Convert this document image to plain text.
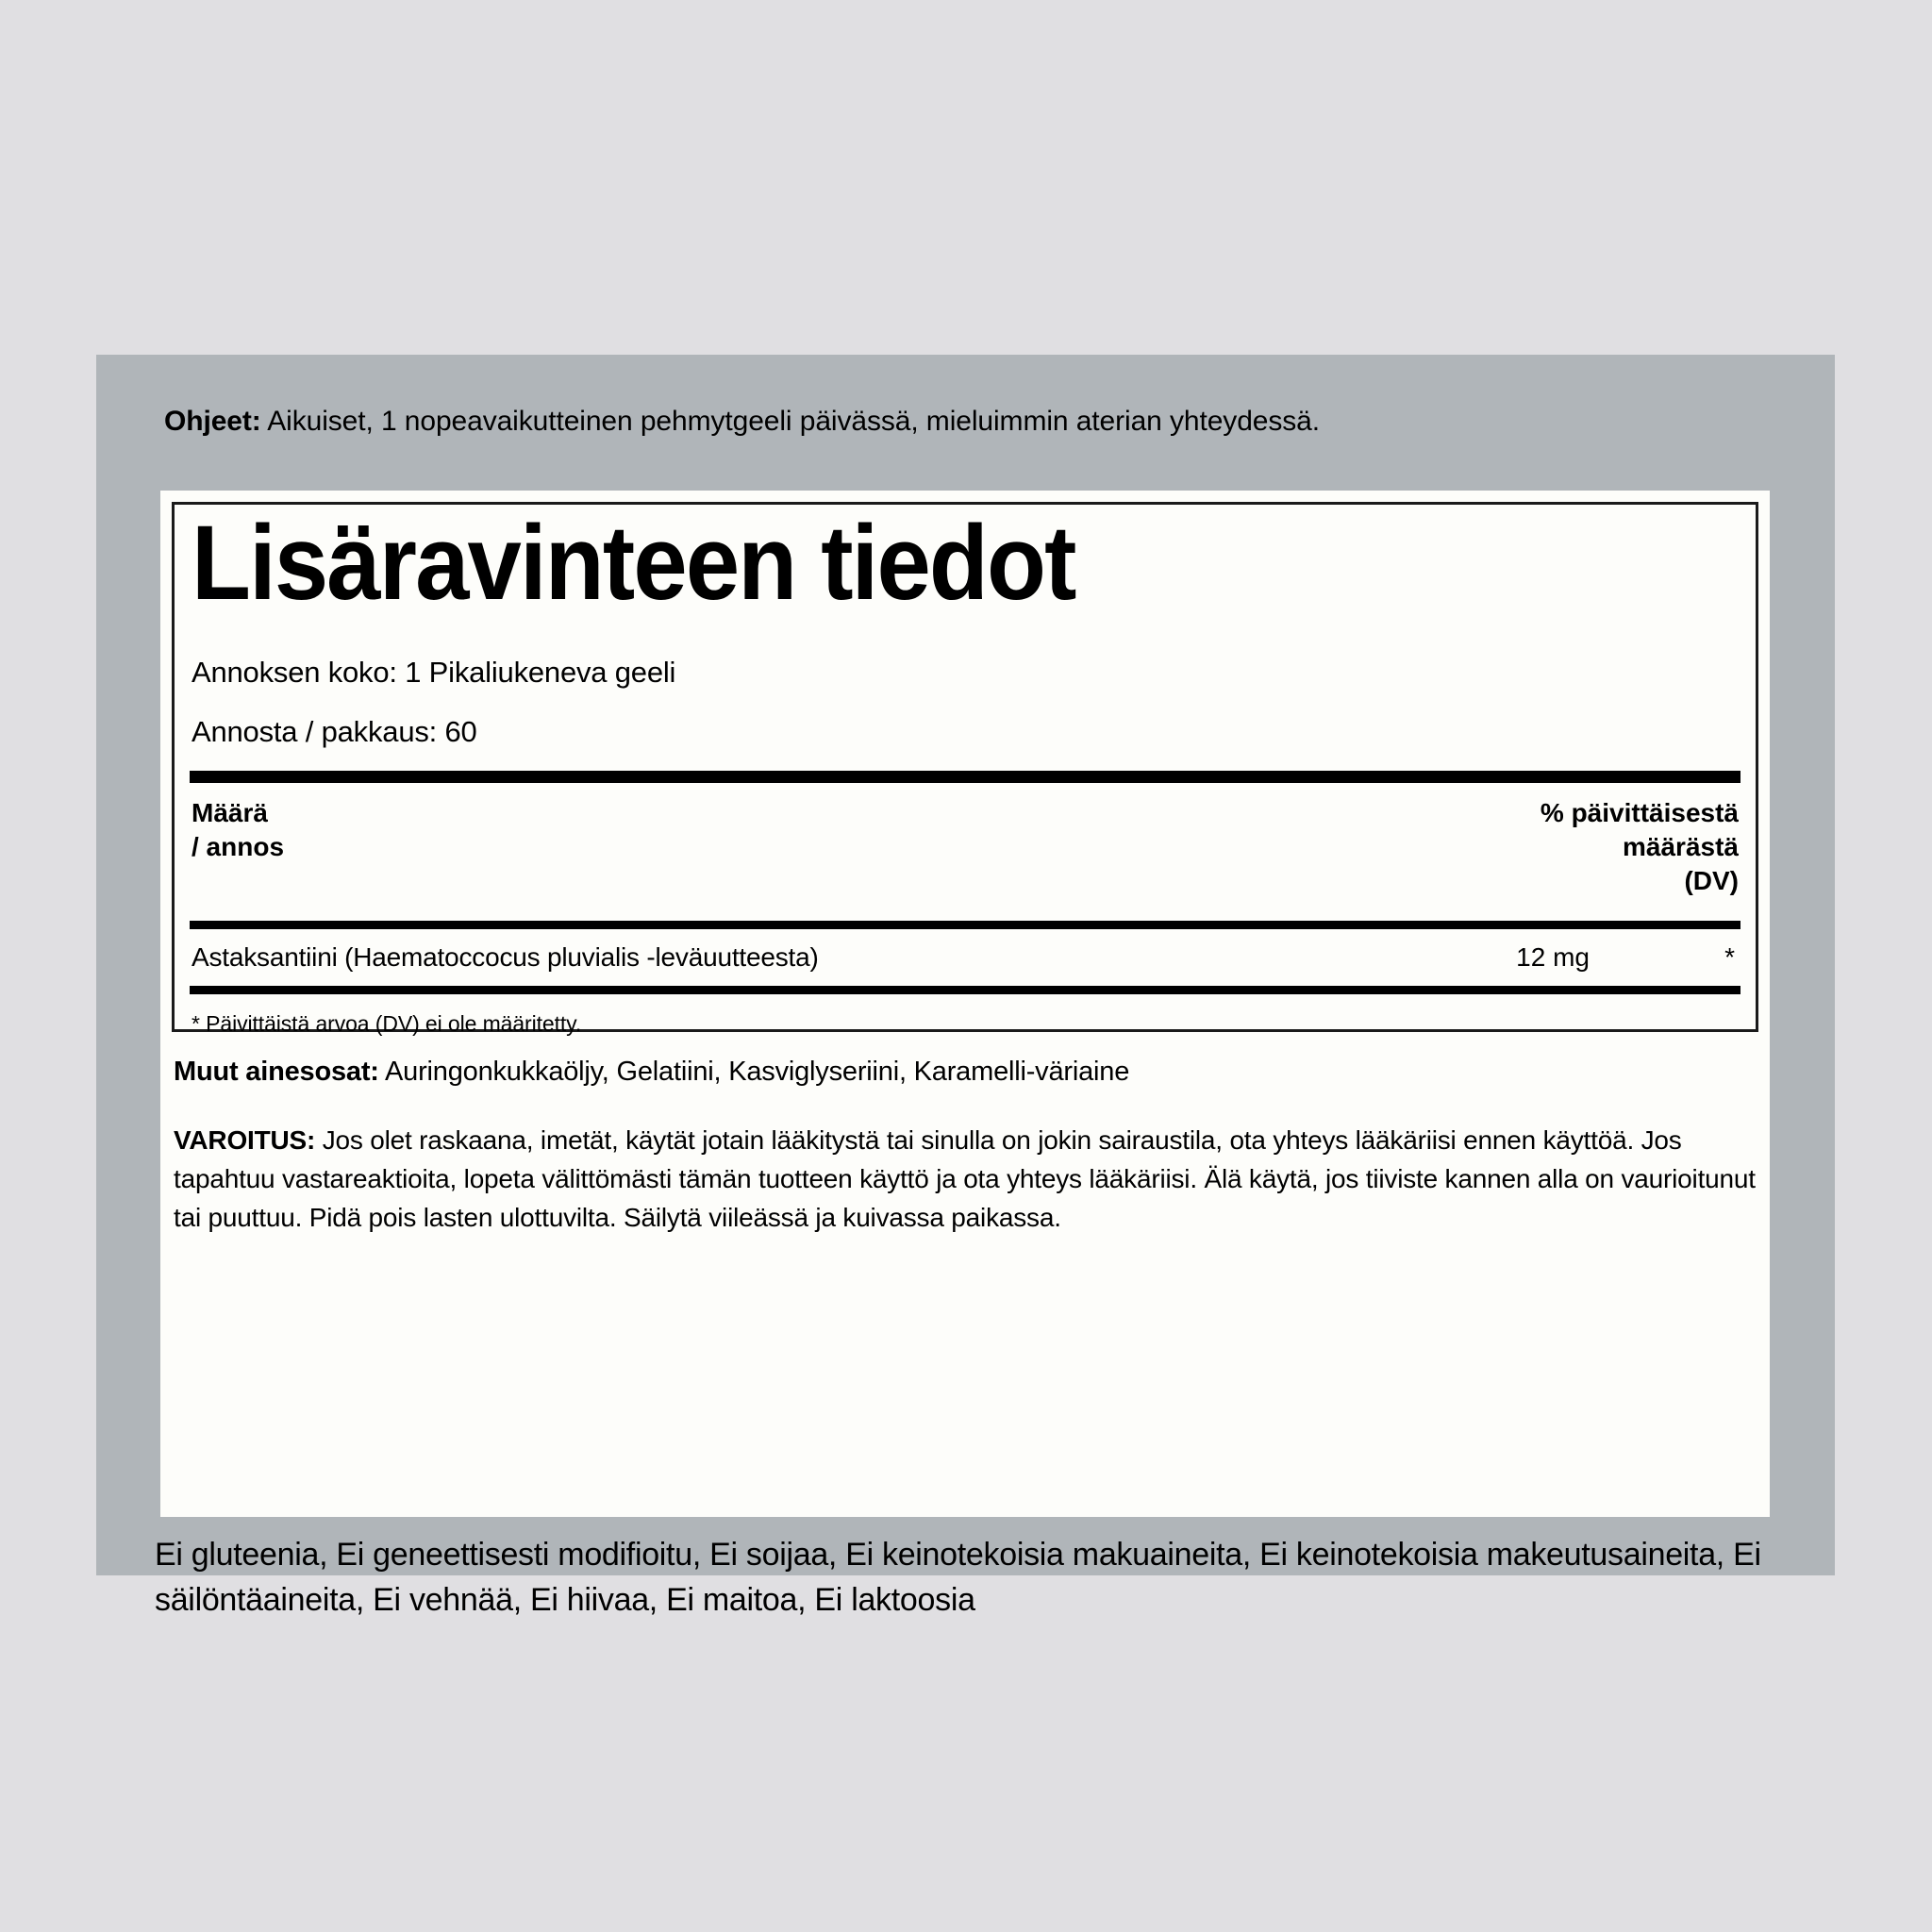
Ohjeet: Aikuiset, 1 nopeavaikutteinen pehmytgeeli päivässä, mieluimmin aterian yhteydessä.
Lisäravinteen tiedot
Annoksen koko: 1 Pikaliukeneva geeli
Annosta / pakkaus: 60
Määrä
/ annos
% päivittäisestä
määrästä
(DV)
Astaksantiini (Haematoccocus pluvialis -leväuutteesta)	12 mg	*
* Päivittäistä arvoa (DV) ei ole määritetty.
Muut ainesosat: Auringonkukkaöljy, Gelatiini, Kasviglyseriini, Karamelli-väriaine
VAROITUS: Jos olet raskaana, imetät, käytät jotain lääkitystä tai sinulla on jokin sairaustila, ota yhteys lääkäriisi ennen käyttöä. Jos tapahtuu vastareaktioita, lopeta välittömästi tämän tuotteen käyttö ja ota yhteys lääkäriisi. Älä käytä, jos tiiviste kannen alla on vaurioitunut tai puuttuu. Pidä pois lasten ulottuvilta. Säilytä viileässä ja kuivassa paikassa.
Ei gluteenia, Ei geneettisesti modifioitu, Ei soijaa, Ei keinotekoisia makuaineita, Ei keinotekoisia makeutusaineita, Ei säilöntäaineita, Ei vehnää, Ei hiivaa, Ei maitoa, Ei laktoosia
